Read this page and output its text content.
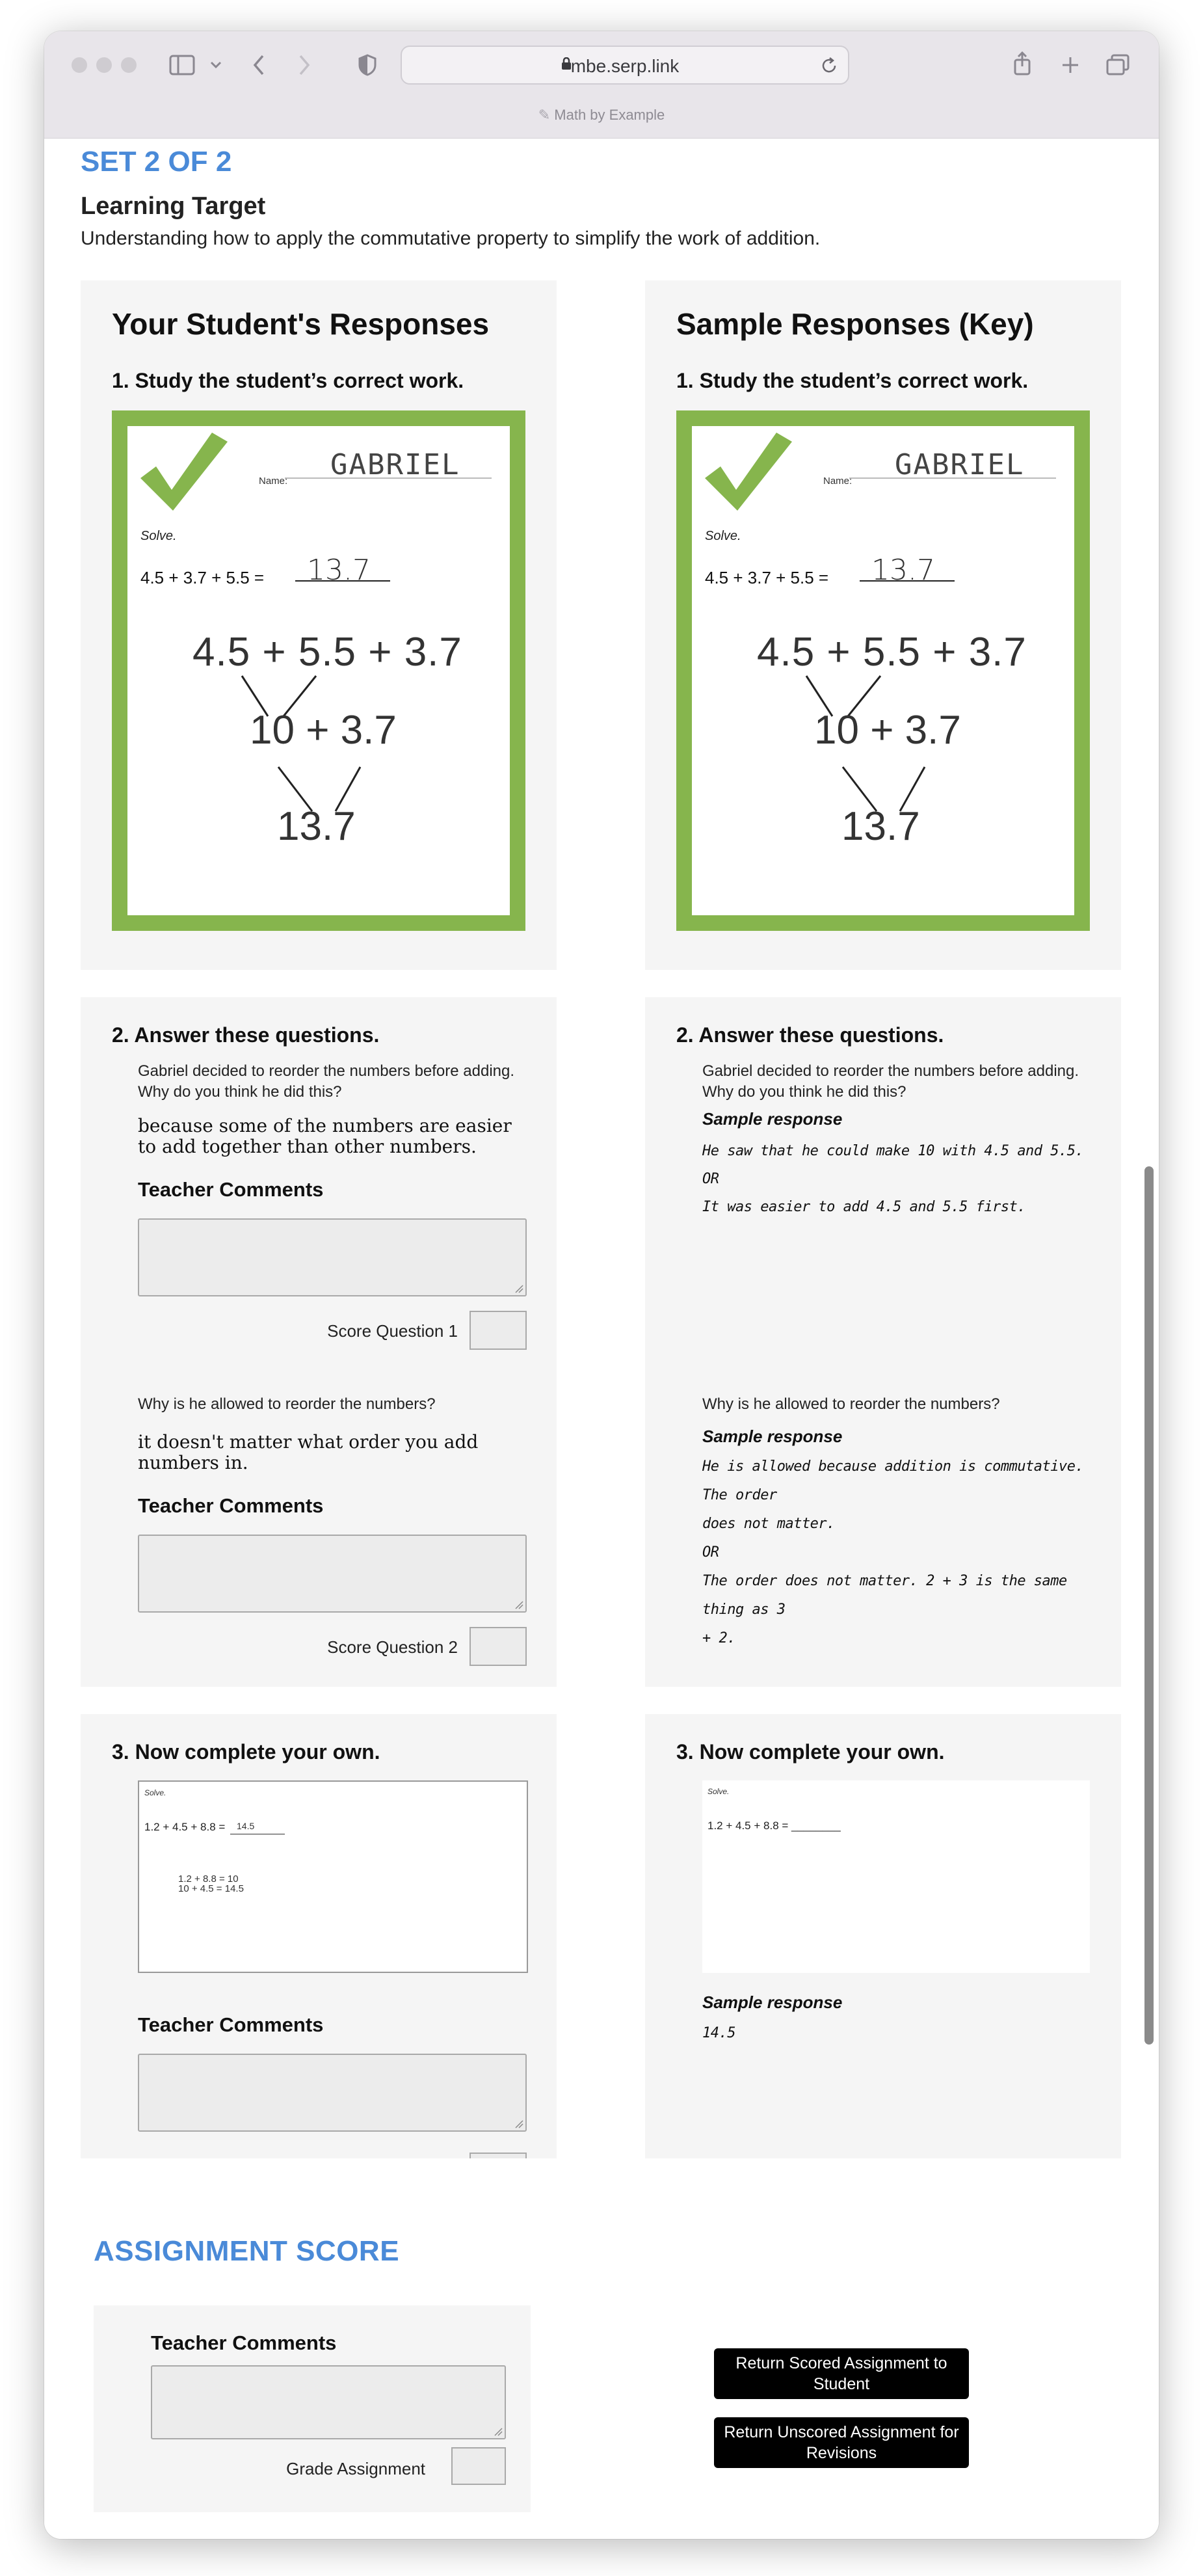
mbe.serp.link
✎ Math by Example
SET 2 OF 2
Learning Target
Understanding how to apply the commutative property to simplify the work of addition.
Your Student's Responses
1. Study the student’s correct work.
Name: GABRIEL
Solve.
4.5 + 3.7 + 5.5 = 13.7
4.5 + 5.5 + 3.7
10 + 3.7
13.7
Sample Responses (Key)
1. Study the student’s correct work.
Name: GABRIEL
Solve.
4.5 + 3.7 + 5.5 = 13.7
4.5 + 5.5 + 3.7
10 + 3.7
13.7
2. Answer these questions.
Gabriel decided to reorder the numbers before adding. Why do you think he did this?
because some of the numbers are easier to add together than other numbers.
Teacher Comments
Score Question 1
Why is he allowed to reorder the numbers?
it doesn't matter what order you add numbers in.
Teacher Comments
Score Question 2
2. Answer these questions.
Gabriel decided to reorder the numbers before adding. Why do you think he did this?
Sample response
He saw that he could make 10 with 4.5 and 5.5.
OR
It was easier to add 4.5 and 5.5 first.
Why is he allowed to reorder the numbers?
Sample response
He is allowed because addition is commutative. The order
does not matter.
OR
The order does not matter. 2 + 3 is the same thing as 3
+ 2.
3. Now complete your own.
Solve.
1.2 + 4.5 + 8.8 = 14.5
1.2 + 8.8 = 10
10 + 4.5 = 14.5
Teacher Comments
3. Now complete your own.
Solve.
1.2 + 4.5 + 8.8 = ________
Sample response
14.5
ASSIGNMENT SCORE
Teacher Comments
Grade Assignment
Return Scored Assignment to Student
Return Unscored Assignment for Revisions
